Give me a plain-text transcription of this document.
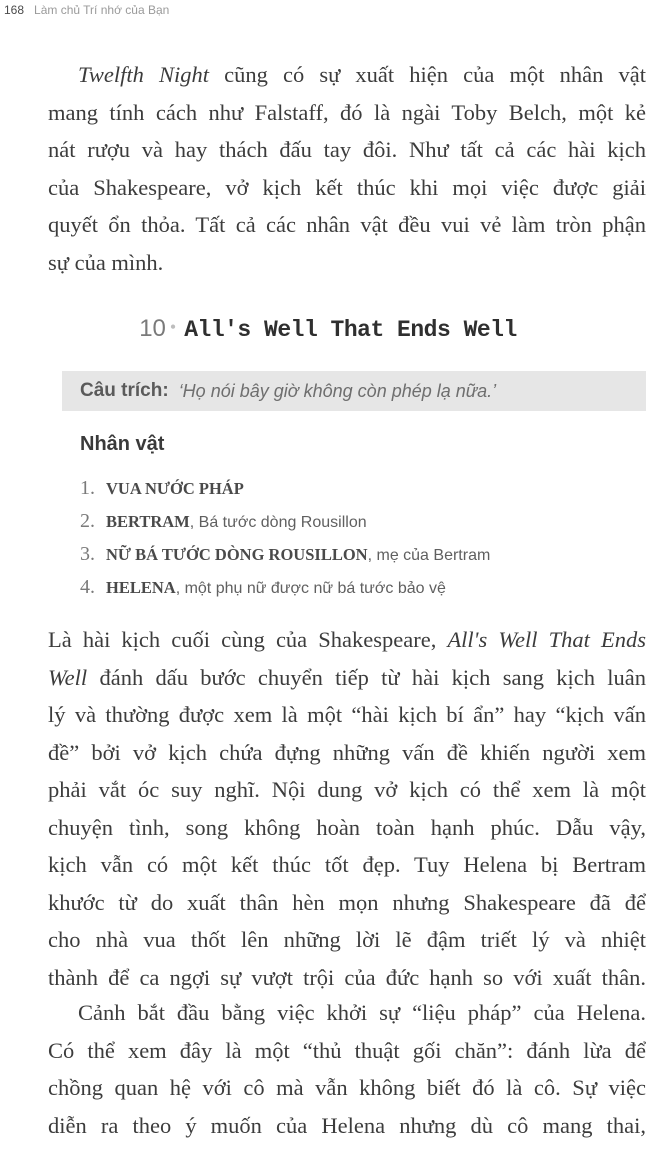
168 Làm chủ Trí nhớ của Bạn
Twelfth Night cũng có sự xuất hiện của một nhân vật
mang tính cách như Falstaff, đó là ngài Toby Belch, một kẻ
nát rượu và hay thách đấu tay đôi. Như tất cả các hài kịch
của Shakespeare, vở kịch kết thúc khi mọi việc được giải
quyết ổn thỏa. Tất cả các nhân vật đều vui vẻ làm tròn phận
sự của mình.
10 • All's Well That Ends Well
Câu trích: ‘Họ nói bây giờ không còn phép lạ nữa.’
Nhân vật
1. VUA NƯỚC PHÁP
2. BERTRAM, Bá tước dòng Rousillon
3. NỮ BÁ TƯỚC DÒNG ROUSILLON, mẹ của Bertram
4. HELENA, một phụ nữ được nữ bá tước bảo vệ
Là hài kịch cuối cùng của Shakespeare, All's Well That Ends
Well đánh dấu bước chuyển tiếp từ hài kịch sang kịch luân
lý và thường được xem là một “hài kịch bí ẩn” hay “kịch vấn
đề” bởi vở kịch chứa đựng những vấn đề khiến người xem
phải vắt óc suy nghĩ. Nội dung vở kịch có thể xem là một
chuyện tình, song không hoàn toàn hạnh phúc. Dẫu vậy,
kịch vẫn có một kết thúc tốt đẹp. Tuy Helena bị Bertram
khước từ do xuất thân hèn mọn nhưng Shakespeare đã để
cho nhà vua thốt lên những lời lẽ đậm triết lý và nhiệt
thành để ca ngợi sự vượt trội của đức hạnh so với xuất thân.
Cảnh bắt đầu bằng việc khởi sự “liệu pháp” của Helena.
Có thể xem đây là một “thủ thuật gối chăn”: đánh lừa để
chồng quan hệ với cô mà vẫn không biết đó là cô. Sự việc
diễn ra theo ý muốn của Helena nhưng dù cô mang thai,
